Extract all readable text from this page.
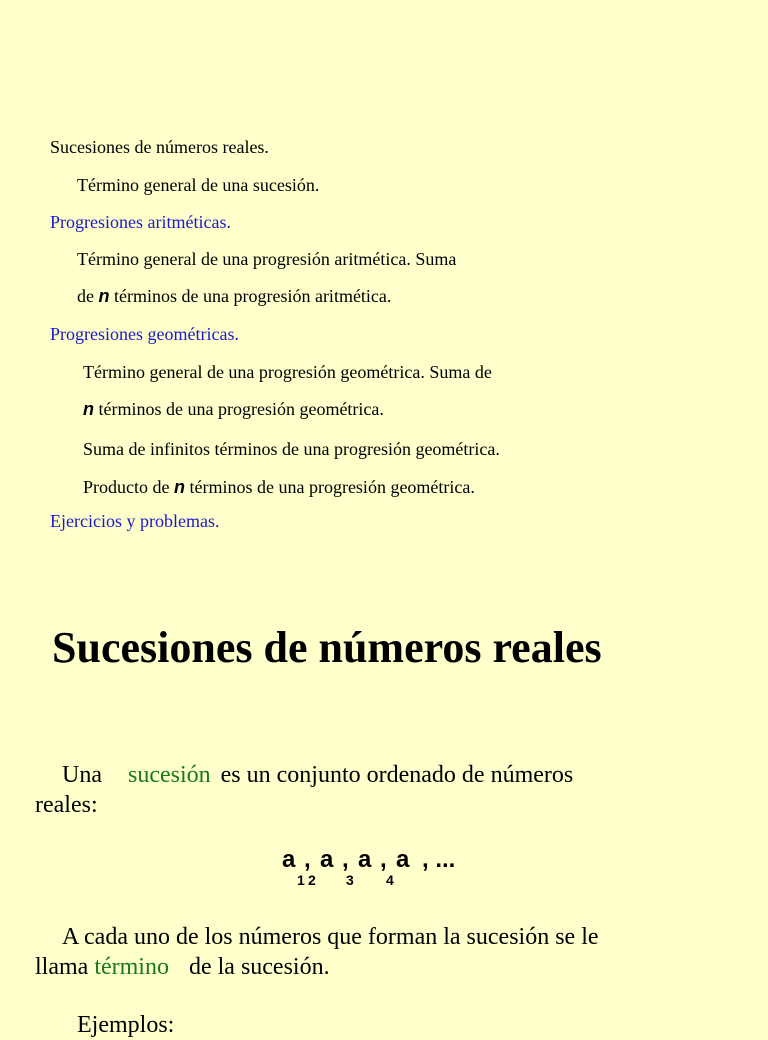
Sucesiones de números reales.
Término general de una sucesión.
Progresiones aritméticas.
Término general de una progresión aritmética. Suma
de n términos de una progresión aritmética.
Progresiones geométricas.
Término general de una progresión geométrica. Suma de
n términos de una progresión geométrica.
Suma de infinitos términos de una progresión geométrica.
Producto de n términos de una progresión geométrica.
Ejercicios y problemas.
Sucesiones de números reales
Una sucesión es un conjunto ordenado de números
reales:
a , a , a , a , ...
1 2 3 4
A cada uno de los números que forman la sucesión se le
llama término de la sucesión.
Ejemplos:
